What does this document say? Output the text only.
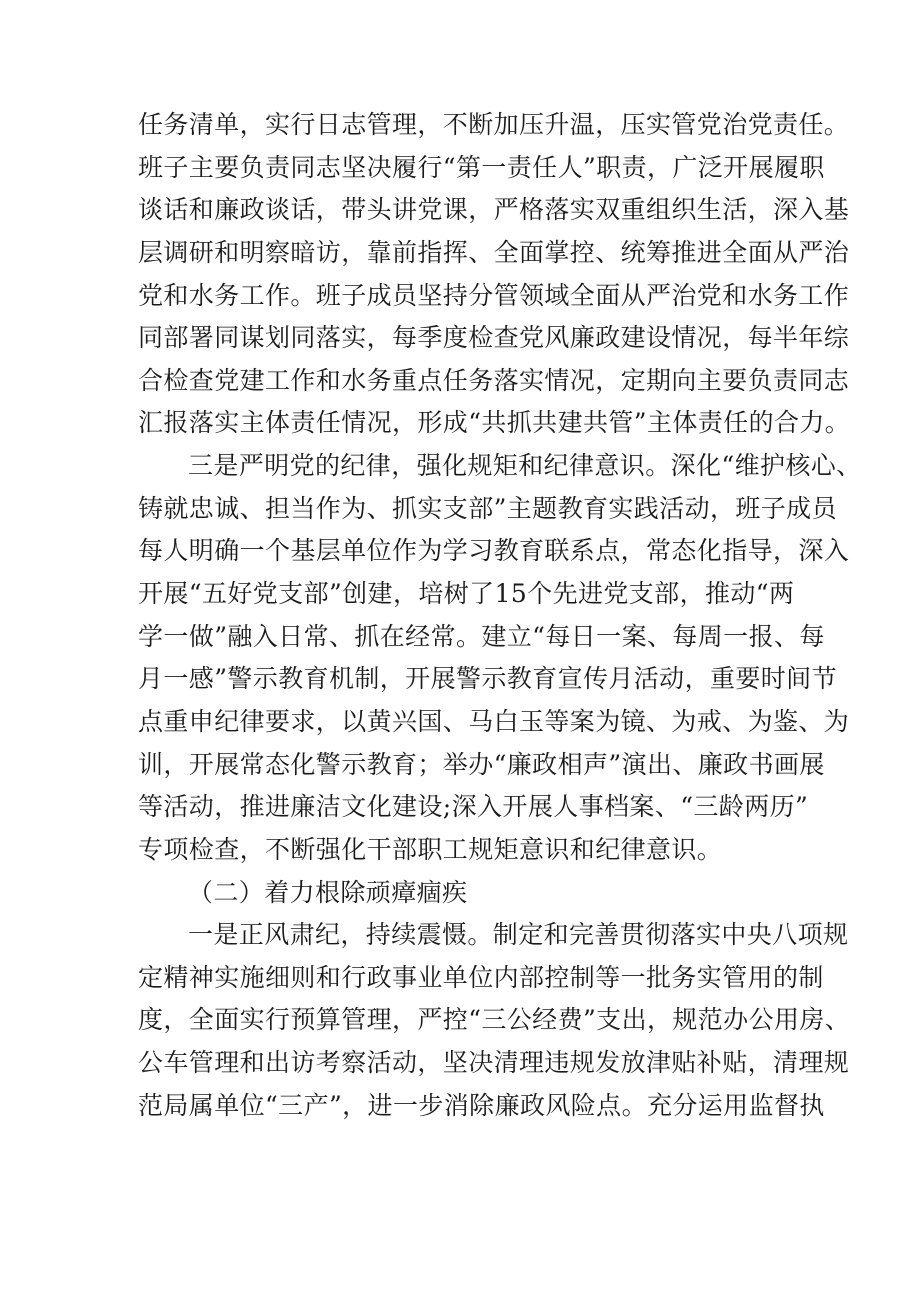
任务清单，实行日志管理，不断加压升温，压实管党治党责任。
班子主要负责同志坚决履行“第一责任人”职责，广泛开展履职
谈话和廉政谈话，带头讲党课，严格落实双重组织生活，深入基
层调研和明察暗访，靠前指挥、全面掌控、统筹推进全面从严治
党和水务工作。班子成员坚持分管领域全面从严治党和水务工作
同部署同谋划同落实，每季度检查党风廉政建设情况，每半年综
合检查党建工作和水务重点任务落实情况，定期向主要负责同志
汇报落实主体责任情况，形成“共抓共建共管”主体责任的合力。
三是严明党的纪律，强化规矩和纪律意识。深化“维护核心、
铸就忠诚、担当作为、抓实支部”主题教育实践活动，班子成员
每人明确一个基层单位作为学习教育联系点，常态化指导，深入
开展“五好党支部”创建，培树了15个先进党支部，推动“两
学一做”融入日常、抓在经常。建立“每日一案、每周一报、每
月一感”警示教育机制，开展警示教育宣传月活动，重要时间节
点重申纪律要求，以黄兴国、马白玉等案为镜、为戒、为鉴、为
训，开展常态化警示教育；举办“廉政相声”演出、廉政书画展
等活动，推进廉洁文化建设;深入开展人事档案、“三龄两历”
专项检查，不断强化干部职工规矩意识和纪律意识。
（二）着力根除顽瘴痼疾
一是正风肃纪，持续震慑。制定和完善贯彻落实中央八项规
定精神实施细则和行政事业单位内部控制等一批务实管用的制
度，全面实行预算管理，严控“三公经费”支出，规范办公用房、
公车管理和出访考察活动，坚决清理违规发放津贴补贴，清理规
范局属单位“三产”，进一步消除廉政风险点。充分运用监督执
